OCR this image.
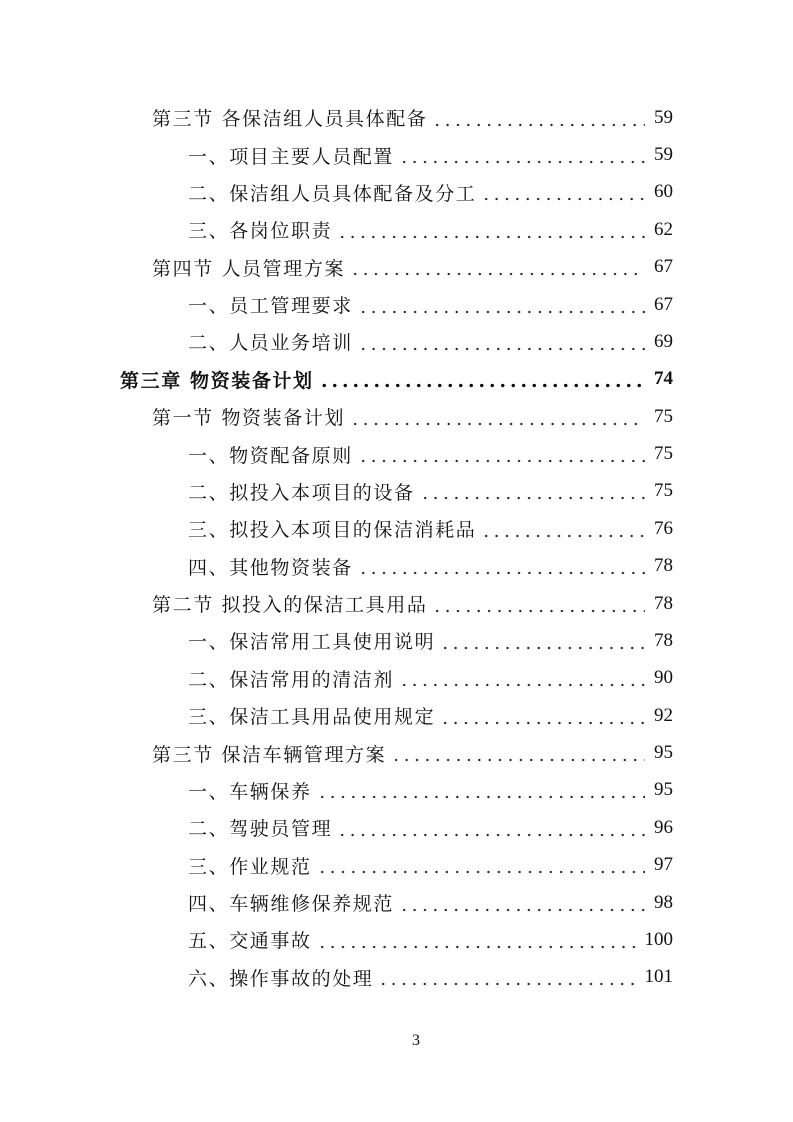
第三节 各保洁组人员具体配备	59
一、项目主要人员配置	59
二、保洁组人员具体配备及分工	60
三、各岗位职责	62
第四节 人员管理方案	67
一、员工管理要求	67
二、人员业务培训	69
第三章 物资装备计划	74
第一节 物资装备计划	75
一、物资配备原则	75
二、拟投入本项目的设备	75
三、拟投入本项目的保洁消耗品	76
四、其他物资装备	78
第二节 拟投入的保洁工具用品	78
一、保洁常用工具使用说明	78
二、保洁常用的清洁剂	90
三、保洁工具用品使用规定	92
第三节 保洁车辆管理方案	95
一、车辆保养	95
二、驾驶员管理	96
三、作业规范	97
四、车辆维修保养规范	98
五、交通事故	100
六、操作事故的处理	101
3
